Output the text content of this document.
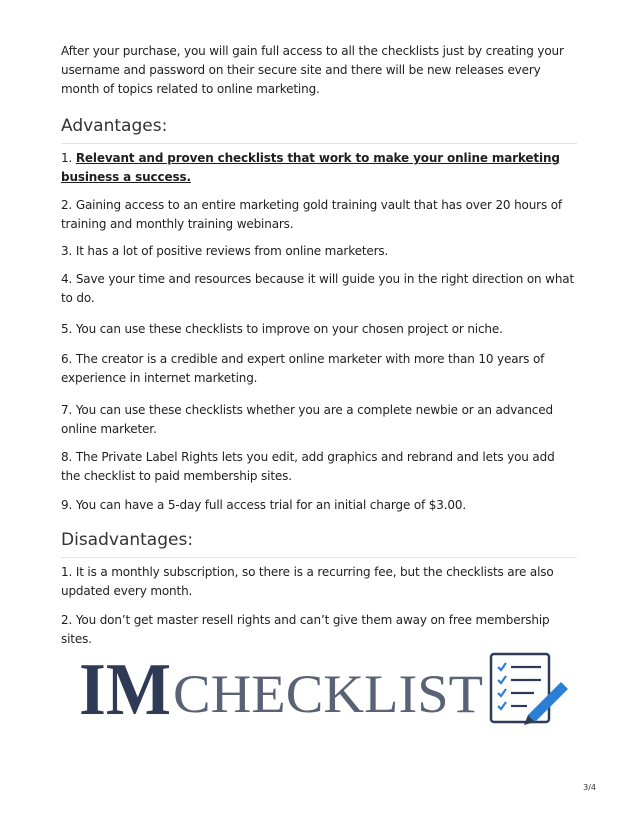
After your purchase, you will gain full access to all the checklists just by creating your username and password on their secure site and there will be new releases every month of topics related to online marketing.

Advantages:

1. Relevant and proven checklists that work to make your online marketing business a success.

2. Gaining access to an entire marketing gold training vault that has over 20 hours of training and monthly training webinars.

3. It has a lot of positive reviews from online marketers.

4. Save your time and resources because it will guide you in the right direction on what to do.

5. You can use these checklists to improve on your chosen project or niche.

6. The creator is a credible and expert online marketer with more than 10 years of experience in internet marketing.

7. You can use these checklists whether you are a complete newbie or an advanced online marketer.

8. The Private Label Rights lets you edit, add graphics and rebrand and lets you add the checklist to paid membership sites.

9. You can have a 5-day full access trial for an initial charge of $3.00.

Disadvantages:

1. It is a monthly subscription, so there is a recurring fee, but the checklists are also updated every month.

2. You don’t get master resell rights and can’t give them away on free membership sites.

IM CHECKLIST
3/4
